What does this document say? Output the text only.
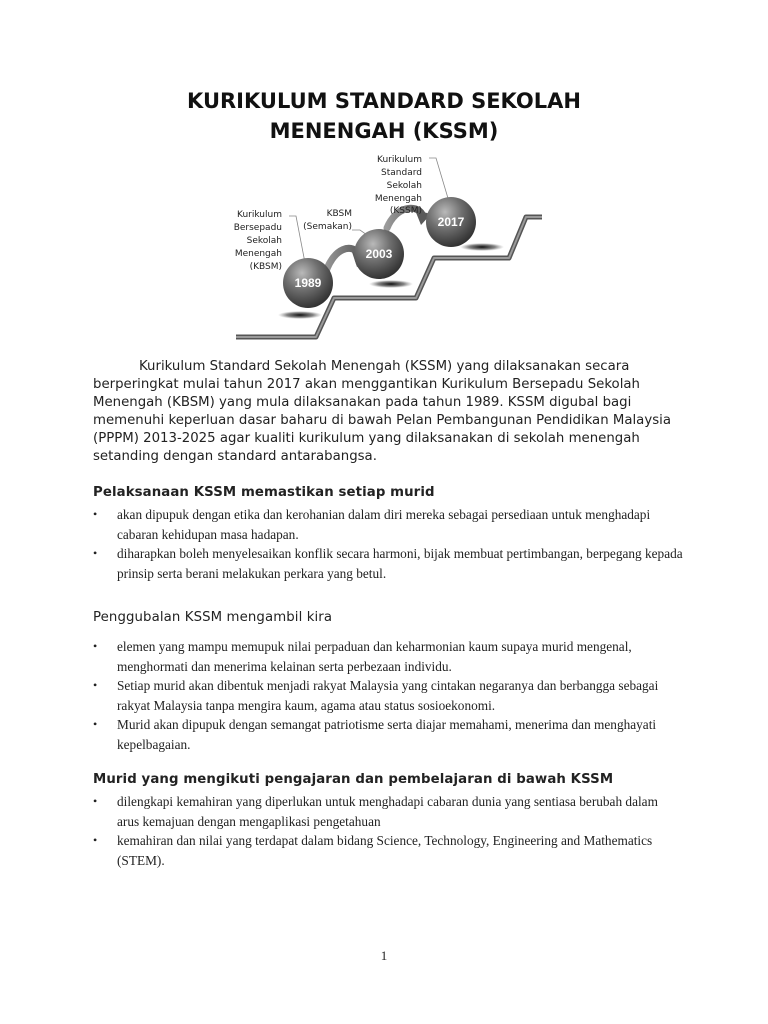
KURIKULUM STANDARD SEKOLAH
MENENGAH (KSSM)
1989
2003
2017
Kurikulum
Bersepadu
Sekolah
Menengah
(KBSM)
KBSM
(Semakan)
Kurikulum
Standard
Sekolah
Menengah
(KSSM)

Kurikulum Standard Sekolah Menengah (KSSM) yang dilaksanakan secara berperingkat mulai tahun 2017 akan menggantikan Kurikulum Bersepadu Sekolah Menengah (KBSM) yang mula dilaksanakan pada tahun 1989. KSSM digubal bagi memenuhi keperluan dasar baharu di bawah Pelan Pembangunan Pendidikan Malaysia (PPPM) 2013-2025 agar kualiti kurikulum yang dilaksanakan di sekolah menengah setanding dengan standard antarabangsa.

Pelaksanaan KSSM memastikan setiap murid
• akan dipupuk dengan etika dan kerohanian dalam diri mereka sebagai persediaan untuk menghadapi cabaran kehidupan masa hadapan.
• diharapkan boleh menyelesaikan konflik secara harmoni, bijak membuat pertimbangan, berpegang kepada prinsip serta berani melakukan perkara yang betul.
Penggubalan KSSM mengambil kira
• elemen yang mampu memupuk nilai perpaduan dan keharmonian kaum supaya murid mengenal, menghormati dan menerima kelainan serta perbezaan individu.
• Setiap murid akan dibentuk menjadi rakyat Malaysia yang cintakan negaranya dan berbangga sebagai rakyat Malaysia tanpa mengira kaum, agama atau status sosioekonomi.
• Murid akan dipupuk dengan semangat patriotisme serta diajar memahami, menerima dan menghayati kepelbagaian.
Murid yang mengikuti pengajaran dan pembelajaran di bawah KSSM
• dilengkapi kemahiran yang diperlukan untuk menghadapi cabaran dunia yang sentiasa berubah dalam arus kemajuan dengan mengaplikasi pengetahuan
• kemahiran dan nilai yang terdapat dalam bidang Science, Technology, Engineering and Mathematics (STEM).
1
